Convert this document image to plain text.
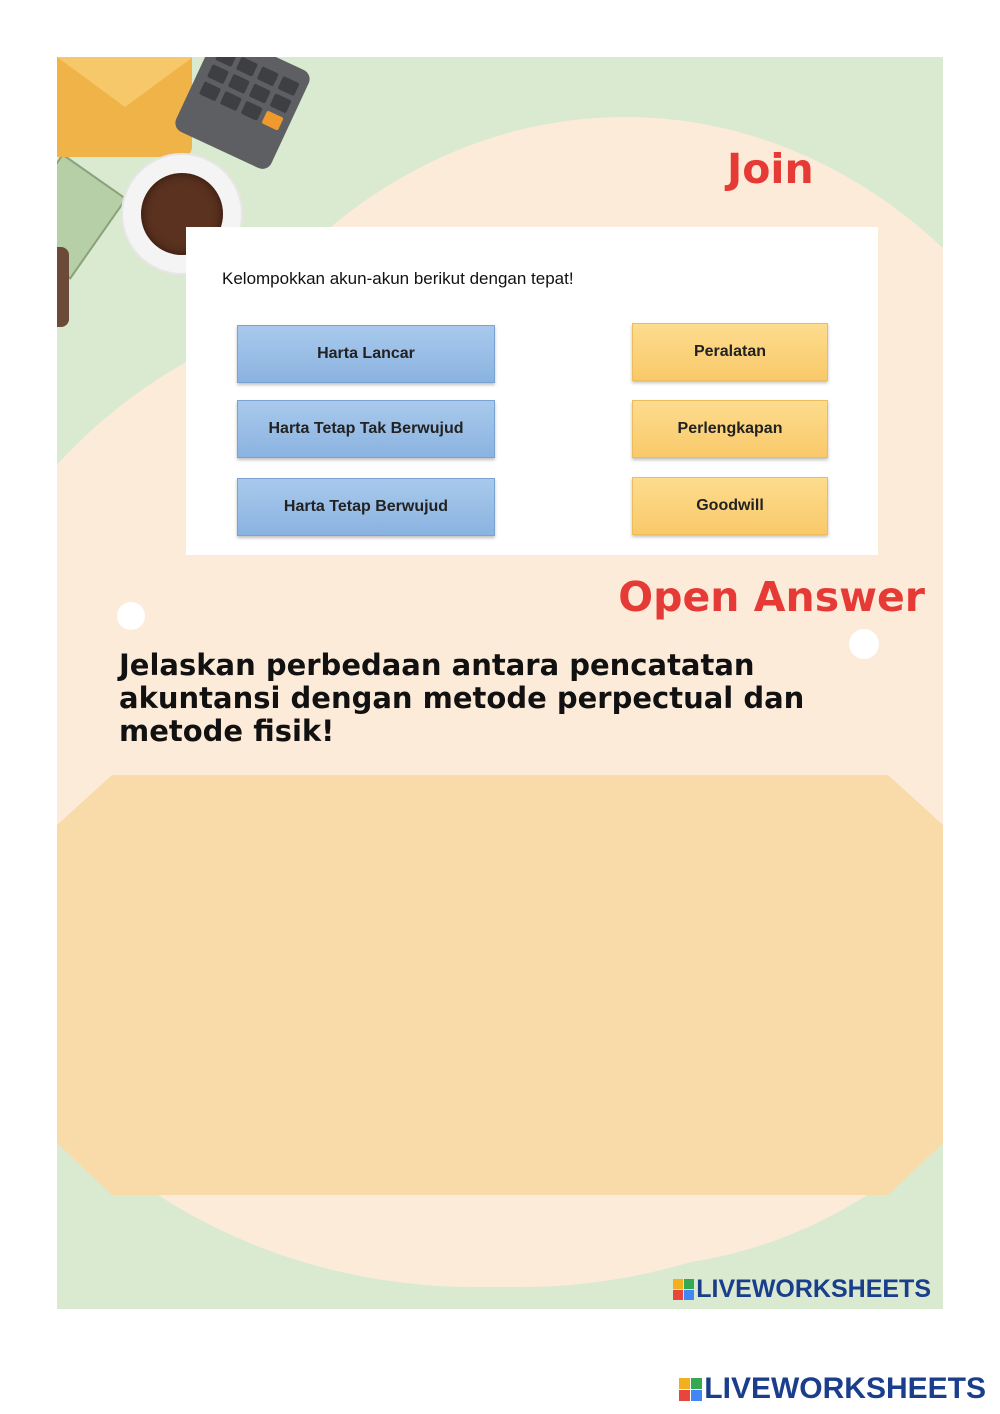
Join
Kelompokkan akun-akun berikut dengan tepat!
Harta Lancar
Harta Tetap Tak Berwujud
Harta Tetap Berwujud
Peralatan
Perlengkapan
Goodwill
Open Answer
Jelaskan perbedaan antara pencatatan akuntansi dengan metode perpectual dan metode fisik!
LIVEWORKSHEETS
LIVEWORKSHEETS
